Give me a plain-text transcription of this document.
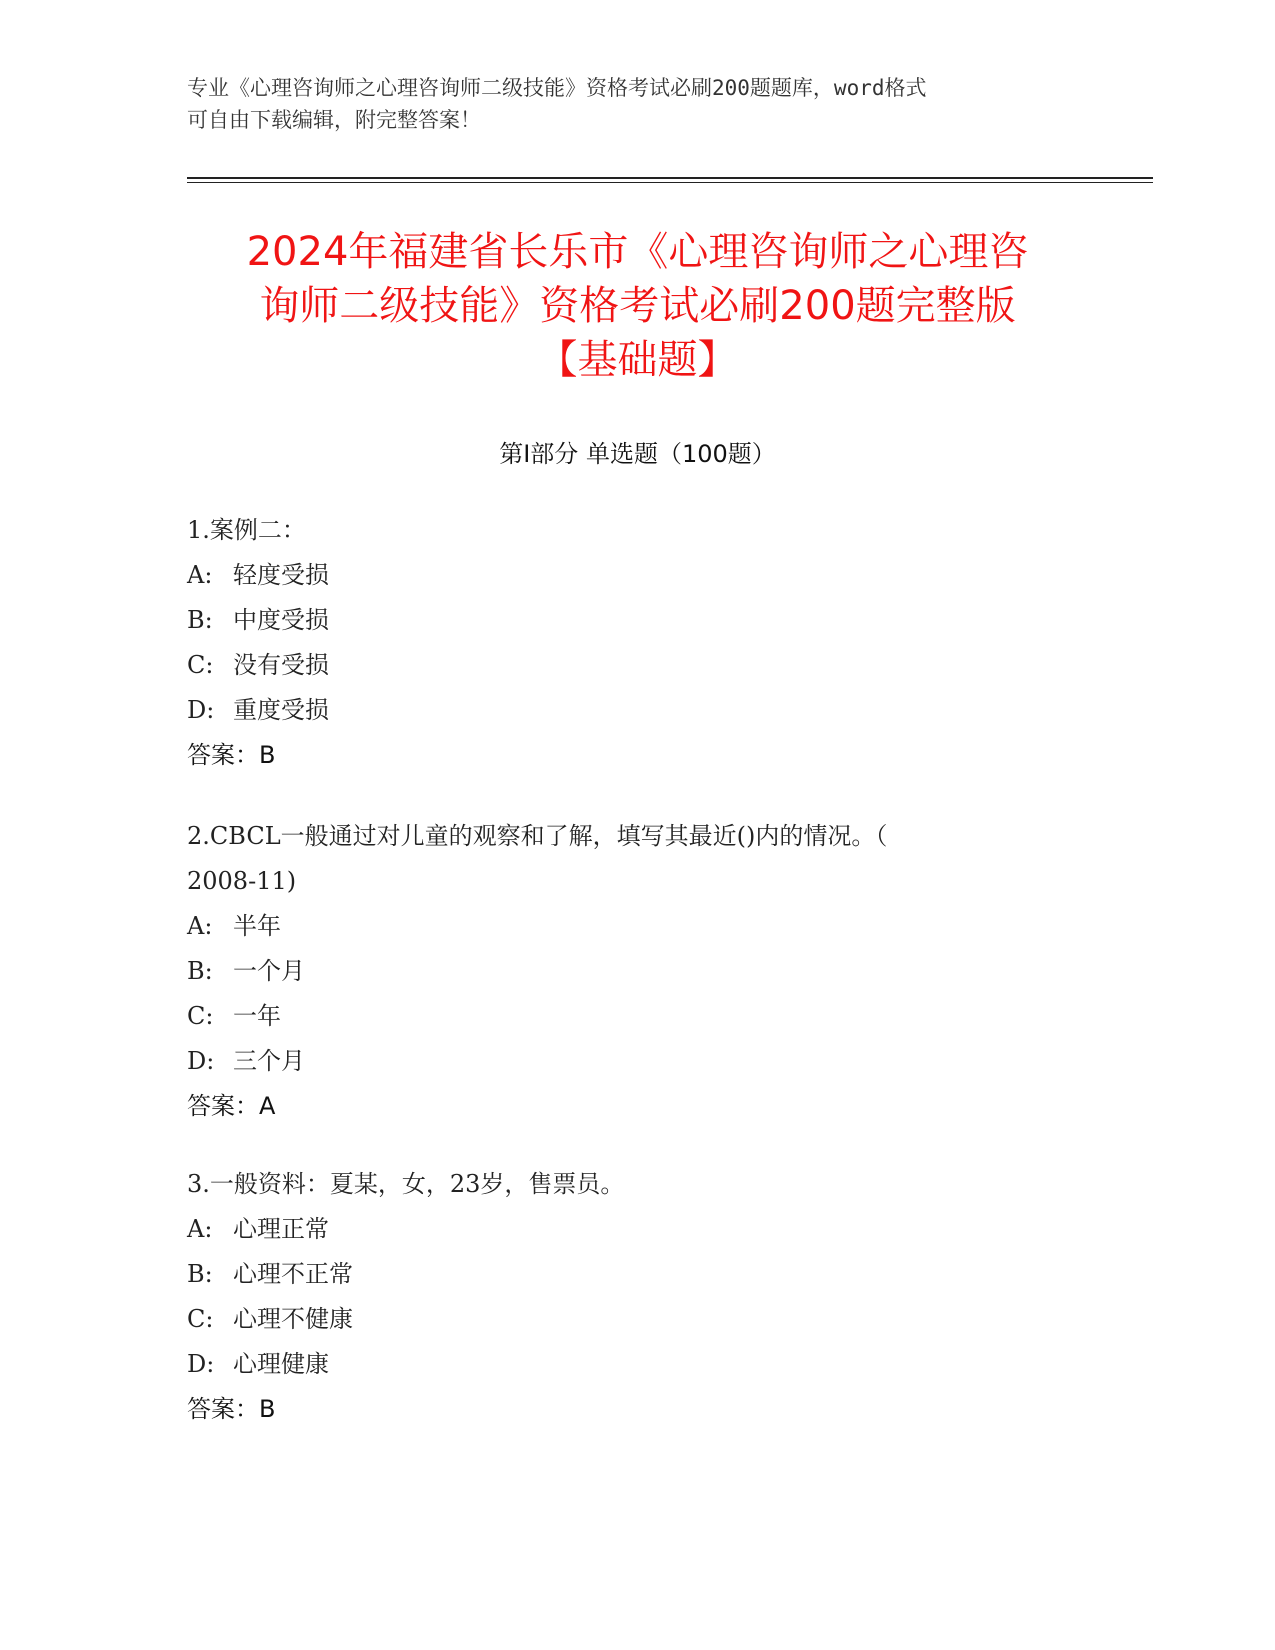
专业《心理咨询师之心理咨询师二级技能》资格考试必刷200题题库，word格式
可自由下载编辑，附完整答案！
2024年福建省长乐市《心理咨询师之心理咨
询师二级技能》资格考试必刷200题完整版
【基础题】
第Ⅰ部分 单选题（100题）
1.案例二：
A: 轻度受损
B: 中度受损
C: 没有受损
D: 重度受损
答案：B
2.CBCL一般通过对儿童的观察和了解，填写其最近()内的情况。（
2008-11)
A: 半年
B: 一个月
C: 一年
D: 三个月
答案：A
3.一般资料：夏某，女，23岁，售票员。
A: 心理正常
B: 心理不正常
C: 心理不健康
D: 心理健康
答案：B
